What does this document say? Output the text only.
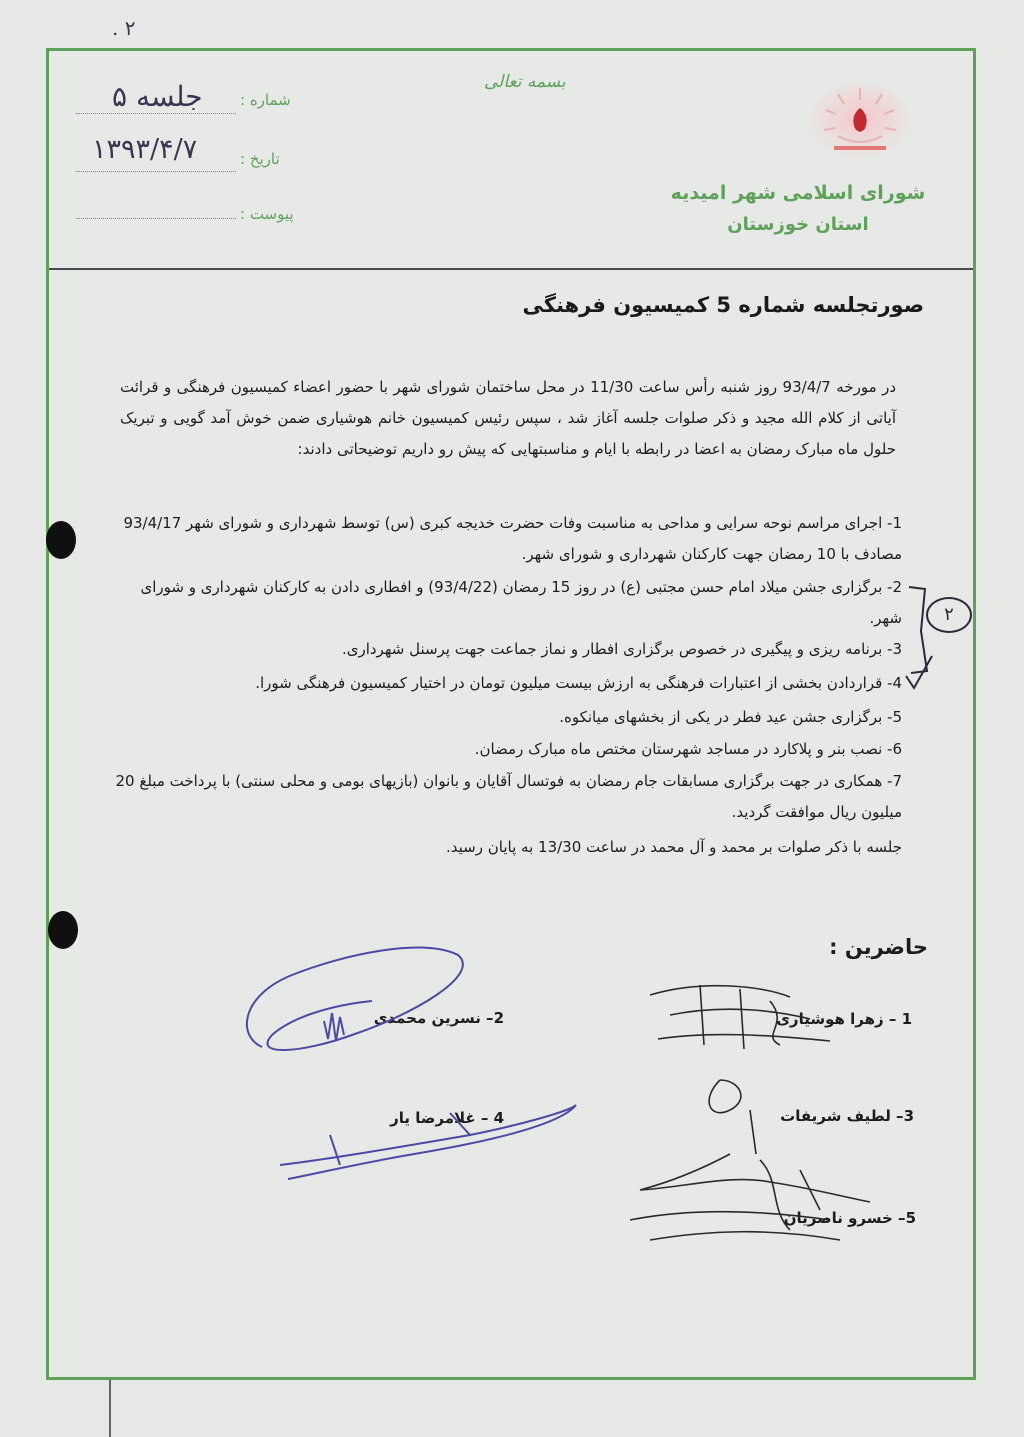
۲ .
بسمه تعالی
شماره :
جلسه ۵
تاریخ :
۱۳۹۳/۴/۷
پیوست :
شورای اسلامی شهر امیدیه
استان خوزستان
صورتجلسه شماره 5 کمیسیون فرهنگی

در مورخه 93/4/7 روز شنبه رأس ساعت 11/30 در محل ساختمان شورای شهر با حضور اعضاء کمیسیون فرهنگی و قرائت آیاتی از کلام الله مجید و ذکر صلوات جلسه آغاز شد ، سپس رئیس کمیسیون خانم هوشیاری ضمن خوش آمد گویی و تبریک حلول ماه مبارک رمضان به اعضا در رابطه با ایام و مناسبتهایی که پیش رو داریم توضیحاتی دادند:

1- اجرای مراسم نوحه سرایی و مداحی به مناسبت وفات حضرت خدیجه کبری (س) توسط شهرداری و شورای شهر 93/4/17 مصادف با 10 رمضان جهت کارکنان شهرداری و شورای شهر.
2- برگزاری جشن میلاد امام حسن مجتبی (ع) در روز 15 رمضان (93/4/22) و افطاری دادن به کارکنان شهرداری و شورای شهر.
3- برنامه ریزی و پیگیری در خصوص برگزاری افطار و نماز جماعت جهت پرسنل شهرداری.
4- قراردادن بخشی از اعتبارات فرهنگی به ارزش بیست میلیون تومان در اختیار کمیسیون فرهنگی شورا.
5- برگزاری جشن عید فطر در یکی از بخشهای میانکوه.
6- نصب بنر و پلاکارد در مساجد شهرستان مختص ماه مبارک رمضان.
7- همکاری در جهت برگزاری مسابقات جام رمضان به فوتسال آقایان و بانوان (بازیهای بومی و محلی سنتی) با پرداخت مبلغ 20 میلیون ریال موافقت گردید.
جلسه با ذکر صلوات بر محمد و آل محمد در ساعت 13/30 به پایان رسید.
۲
حاضرین :
1 – زهرا هوشیاری
2– نسرین محمدی
3– لطیف شریفات
4 – غلامرضا یار
5– خسرو ناصریان
